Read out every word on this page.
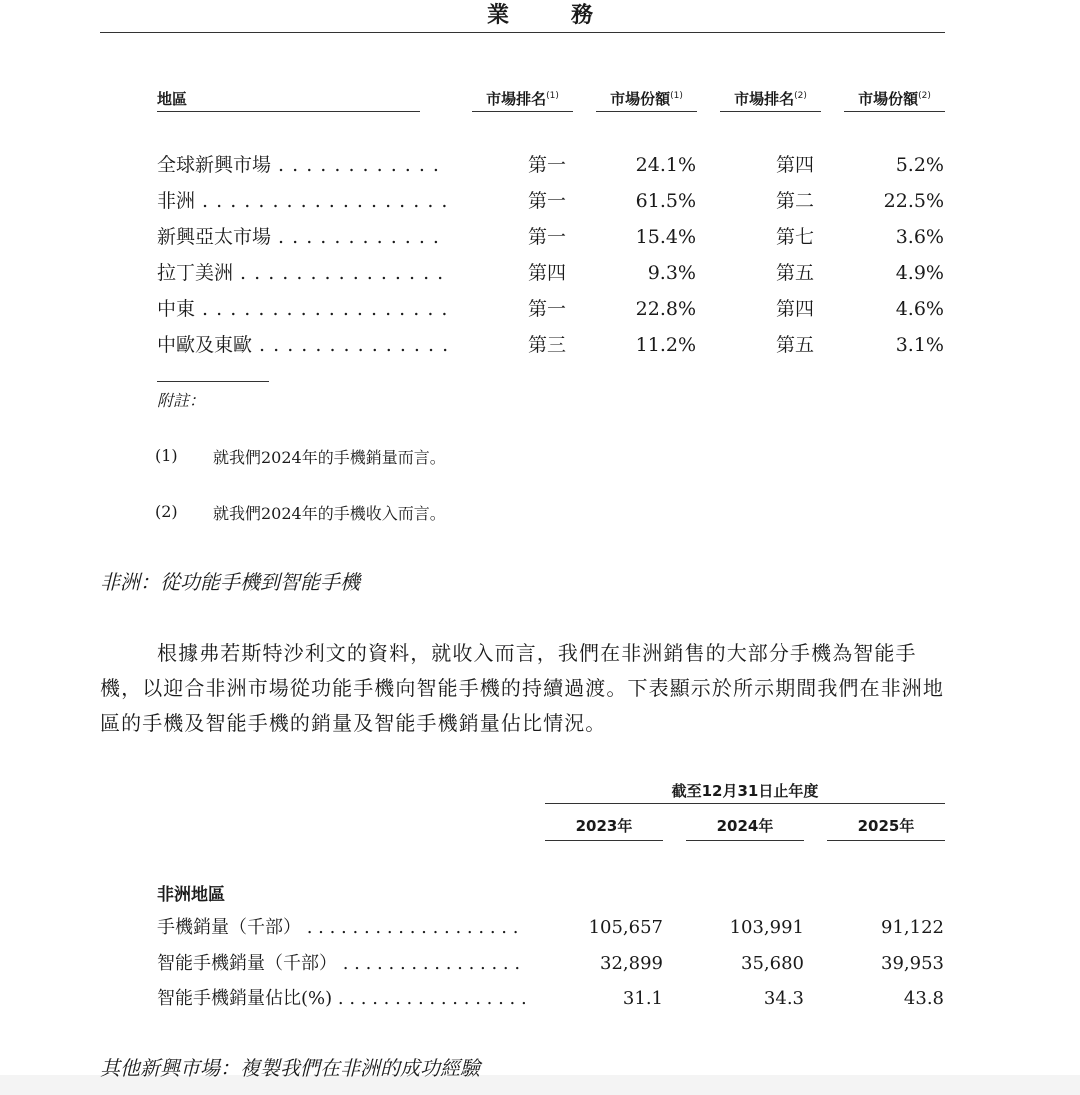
業　務
地區	市場排名$^{(1)}$	市場份額$^{(1)}$	市場排名$^{(2)}$	市場份額$^{(2)}$
全球新興市場 . . .	第一	24.1%	第四	5.2%
非洲 . . .	第一	61.5%	第二	22.5%
新興亞太市場 . . .	第一	15.4%	第七	3.6%
拉丁美洲 . . .	第四	9.3%	第五	4.9%
中東 . . .	第一	22.8%	第四	4.6%
中歐及東歐 . . .	第三	11.2%	第五	3.1%
附註：
(1) 就我們2024年的手機銷量而言。
(2) 就我們2024年的手機收入而言。
非洲：從功能手機到智能手機
根據弗若斯特沙利文的資料，就收入而言，我們在非洲銷售的大部分手機為智能手機，以迎合非洲市場從功能手機向智能手機的持續過渡。下表顯示於所示期間我們在非洲地區的手機及智能手機的銷量及智能手機銷量佔比情況。
截至12月31日止年度
2023年	2024年	2025年
非洲地區
手機銷量（千部） . . .	105,657	103,991	91,122
智能手機銷量（千部） . . .	32,899	35,680	39,953
智能手機銷量佔比(%) . . .	31.1	34.3	43.8
其他新興市場：複製我們在非洲的成功經驗
